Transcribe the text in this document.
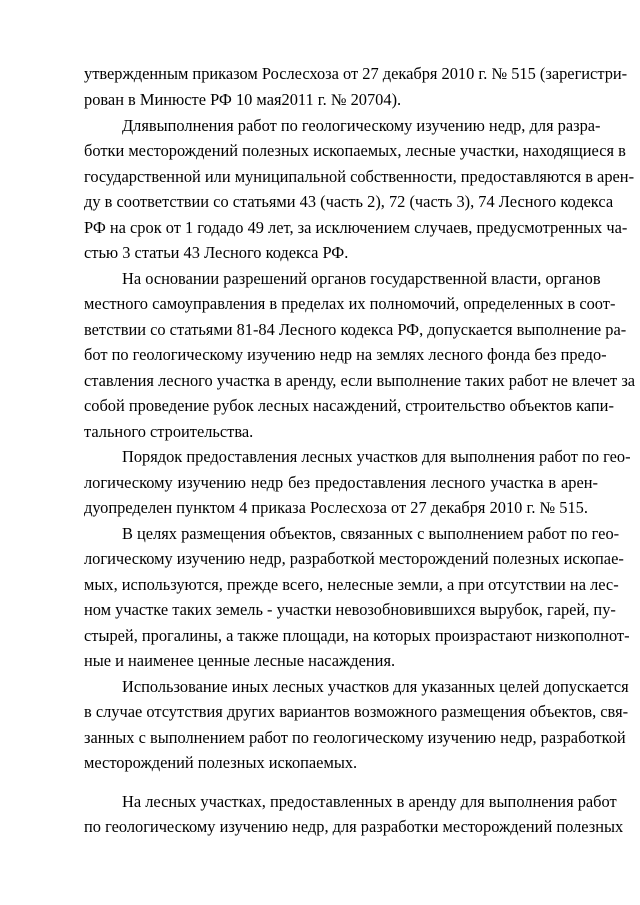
утвержденным приказом Рослесхоза от 27 декабря 2010 г. № 515 (зарегистри-
рован в Минюсте РФ 10 мая2011 г. № 20704).
Длявыполнения работ по геологическому изучению недр, для разра-
ботки месторождений полезных ископаемых, лесные участки, находящиеся в
государственной или муниципальной собственности, предоставляются в арен-
ду в соответствии со статьями 43 (часть 2), 72 (часть 3), 74 Лесного кодекса
РФ на срок от 1 годадо 49 лет, за исключением случаев, предусмотренных ча-
стью 3 статьи 43 Лесного кодекса РФ.
На основании разрешений органов государственной власти, органов
местного самоуправления в пределах их полномочий, определенных в соот-
ветствии со статьями 81-84 Лесного кодекса РФ, допускается выполнение ра-
бот по геологическому изучению недр на землях лесного фонда без предо-
ставления лесного участка в аренду, если выполнение таких работ не влечет за
собой проведение рубок лесных насаждений, строительство объектов капи-
тального строительства.
Порядок предоставления лесных участков для выполнения работ по гео-
логическому изучению недр без предоставления лесного участка в арен-
дуопределен пунктом 4 приказа Рослесхоза от 27 декабря 2010 г. № 515.
В целях размещения объектов, связанных с выполнением работ по гео-
логическому изучению недр, разработкой месторождений полезных ископае-
мых, используются, прежде всего, нелесные земли, а при отсутствии на лес-
ном участке таких земель - участки невозобновившихся вырубок, гарей, пу-
стырей, прогалины, а также площади, на которых произрастают низкополнот-
ные и наименее ценные лесные насаждения.
Использование иных лесных участков для указанных целей допускается
в случае отсутствия других вариантов возможного размещения объектов, свя-
занных с выполнением работ по геологическому изучению недр, разработкой
месторождений полезных ископаемых.
На лесных участках, предоставленных в аренду для выполнения работ
по геологическому изучению недр, для разработки месторождений полезных
